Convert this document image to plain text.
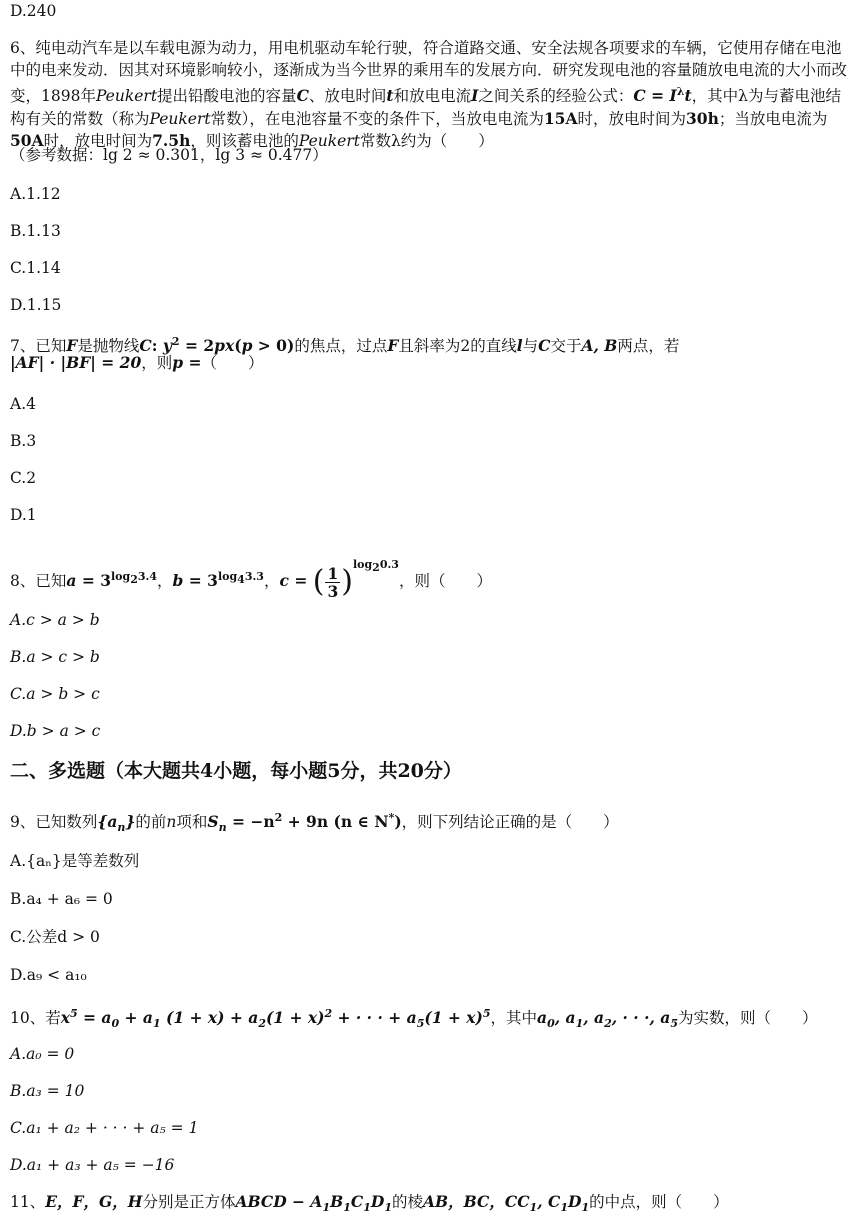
D.240
6、纯电动汽车是以车载电源为动力，用电机驱动车轮行驶，符合道路交通、安全法规各项要求的车辆，它使用存储在电池中的电来发动．因其对环境影响较小，逐渐成为当今世界的乘用车的发展方向．研究发现电池的容量随放电电流的大小而改变，1898年Peukert提出铅酸电池的容量C、放电时间t和放电电流I之间关系的经验公式：$C = I^\lambda t$，其中λ为与蓄电池结构有关的常数（称为Peukert常数），在电池容量不变的条件下，当放电电流为15A时，放电时间为30h；当放电电流为50A时，放电时间为7.5h，则该蓄电池的Peukert常数λ约为（　　）
（参考数据：lg 2 ≈ 0.301，lg 3 ≈ 0.477）
A.1.12
B.1.13
C.1.14
D.1.15
7、已知F是抛物线C: $y^2 = 2px(p > 0)$的焦点，过点F且斜率为2的直线l与C交于A, B两点，若
|AF| · |BF| = 20，则p =（　　）
A.4
B.3
C.2
D.1
8、已知$a = 3^{log_23.4}$，$b = 3^{log_43.3}$，c = ( $\frac{1}{3} )^{log_20.3}$，则（　　）
A.c > a > b
B.a > c > b
C.a > b > c
D.b > a > c
二、多选题（本大题共4小题，每小题5分，共20分）
9、已知数列$\{a_n\}$的前n项和$S_n = -n^2 + 9n$ (n ∈ N*)，则下列结论正确的是（　　）
A.{aₙ}是等差数列
B.a₄ + a₆ = 0
C.公差d > 0
D.a₉ < a₁₀
10、若$x^5 = a_0 + a_1$ $(1 + x) + a_2(1 + x)^2$ + · · · + $a_5(1 + x)^5$，其中$a_0$, $a_1$, $a_2$, · · ·, $a_5$为实数，则（　　）
A.a₀ = 0
B.a₃ = 10
C.a₁ + a₂ + · · · + a₅ = 1
D.a₁ + a₃ + a₅ = −16
11、E，F，G，H分别是正方体ABCD − $A_1B_1C_1D_1$的棱AB，BC，$CC_1$, $C_1D_1$的中点，则（　　）
